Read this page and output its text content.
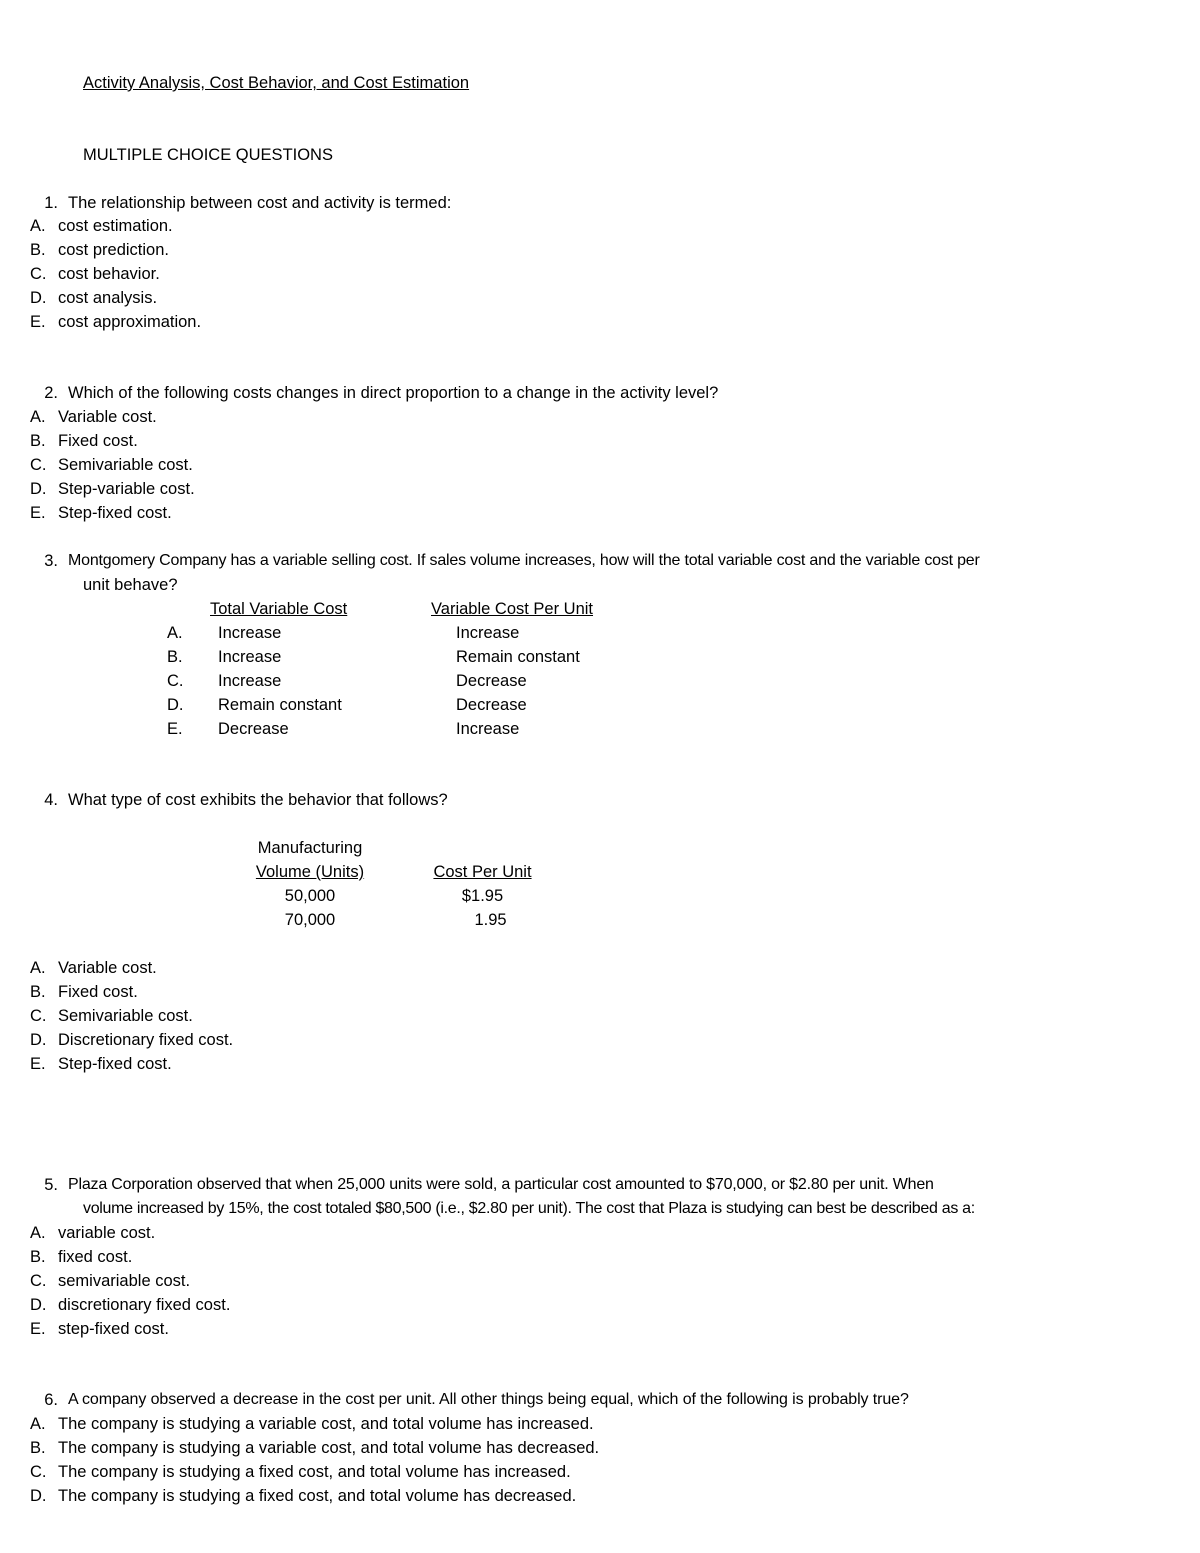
Activity Analysis, Cost Behavior, and Cost Estimation
MULTIPLE CHOICE QUESTIONS
1. The relationship between cost and activity is termed:
A. cost estimation.
B. cost prediction.
C. cost behavior.
D. cost analysis.
E. cost approximation.
2. Which of the following costs changes in direct proportion to a change in the activity level?
A. Variable cost.
B. Fixed cost.
C. Semivariable cost.
D. Step-variable cost.
E. Step-fixed cost.
3. Montgomery Company has a variable selling cost. If sales volume increases, how will the total variable cost and the variable cost per
unit behave?
Total Variable Cost	Variable Cost Per Unit
A. Increase	Increase
B. Increase	Remain constant
C. Increase	Decrease
D. Remain constant	Decrease
E. Decrease	Increase
4. What type of cost exhibits the behavior that follows?
Manufacturing
Volume (Units)	Cost Per Unit
50,000	$1.95
70,000	1.95
A. Variable cost.
B. Fixed cost.
C. Semivariable cost.
D. Discretionary fixed cost.
E. Step-fixed cost.
5. Plaza Corporation observed that when 25,000 units were sold, a particular cost amounted to $70,000, or $2.80 per unit. When
volume increased by 15%, the cost totaled $80,500 (i.e., $2.80 per unit). The cost that Plaza is studying can best be described as a:
A. variable cost.
B. fixed cost.
C. semivariable cost.
D. discretionary fixed cost.
E. step-fixed cost.
6. A company observed a decrease in the cost per unit. All other things being equal, which of the following is probably true?
A. The company is studying a variable cost, and total volume has increased.
B. The company is studying a variable cost, and total volume has decreased.
C. The company is studying a fixed cost, and total volume has increased.
D. The company is studying a fixed cost, and total volume has decreased.
